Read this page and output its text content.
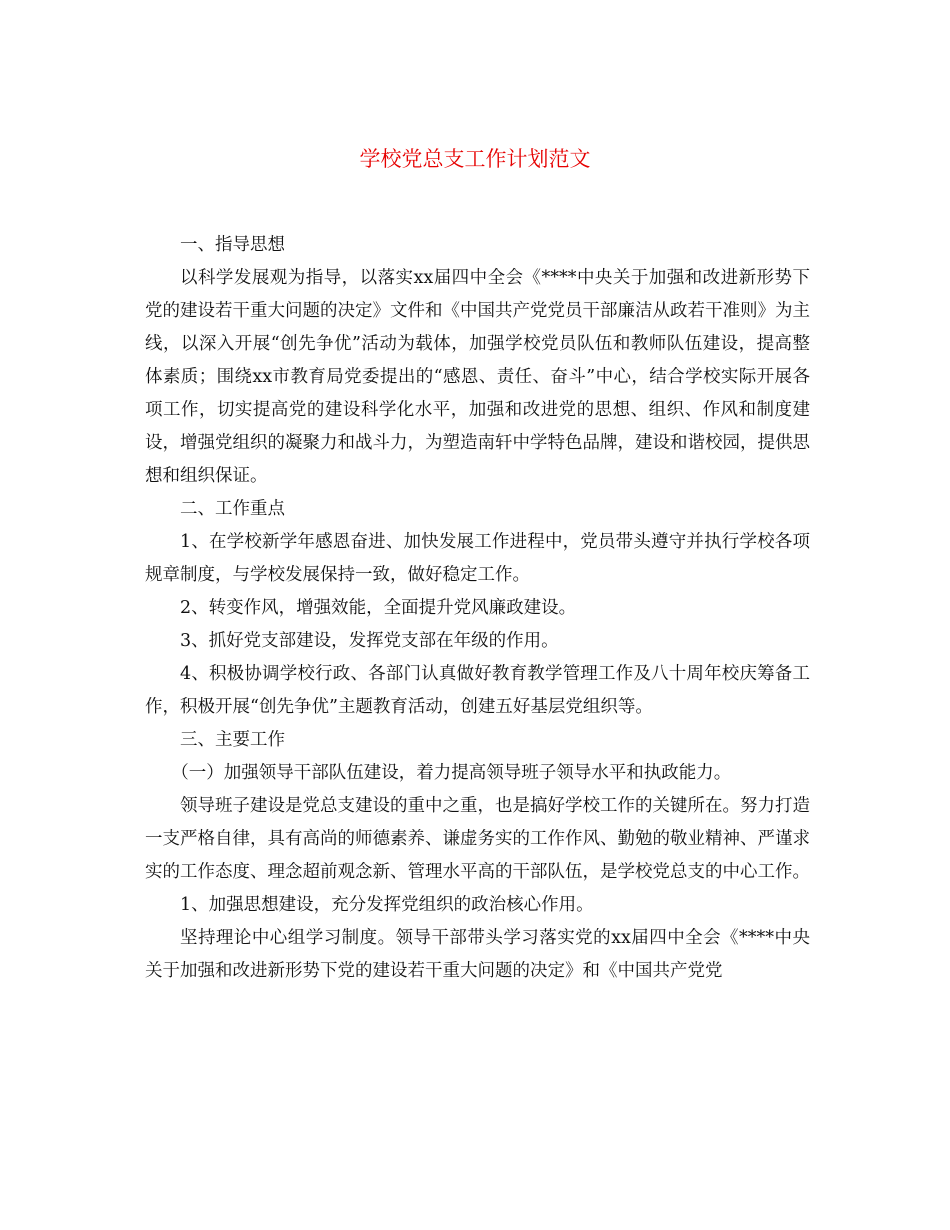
学校党总支工作计划范文

一、指导思想

以科学发展观为指导，以落实xx届四中全会《****中央关于加强和改进新形势下党的建设若干重大问题的决定》文件和《中国共产党党员干部廉洁从政若干准则》为主线，以深入开展“创先争优”活动为载体，加强学校党员队伍和教师队伍建设，提高整体素质；围绕xx市教育局党委提出的“感恩、责任、奋斗”中心，结合学校实际开展各项工作，切实提高党的建设科学化水平，加强和改进党的思想、组织、作风和制度建设，增强党组织的凝聚力和战斗力，为塑造南轩中学特色品牌，建设和谐校园，提供思想和组织保证。

二、工作重点

1、在学校新学年感恩奋进、加快发展工作进程中，党员带头遵守并执行学校各项规章制度，与学校发展保持一致，做好稳定工作。

2、转变作风，增强效能，全面提升党风廉政建设。

3、抓好党支部建设，发挥党支部在年级的作用。

4、积极协调学校行政、各部门认真做好教育教学管理工作及八十周年校庆筹备工作，积极开展“创先争优”主题教育活动，创建五好基层党组织等。

三、主要工作

（一）加强领导干部队伍建设，着力提高领导班子领导水平和执政能力。

领导班子建设是党总支建设的重中之重，也是搞好学校工作的关键所在。努力打造一支严格自律，具有高尚的师德素养、谦虚务实的工作作风、勤勉的敬业精神、严谨求实的工作态度、理念超前观念新、管理水平高的干部队伍，是学校党总支的中心工作。

1、加强思想建设，充分发挥党组织的政治核心作用。

坚持理论中心组学习制度。领导干部带头学习落实党的xx届四中全会《****中央关于加强和改进新形势下党的建设若干重大问题的决定》和《中国共产党党
